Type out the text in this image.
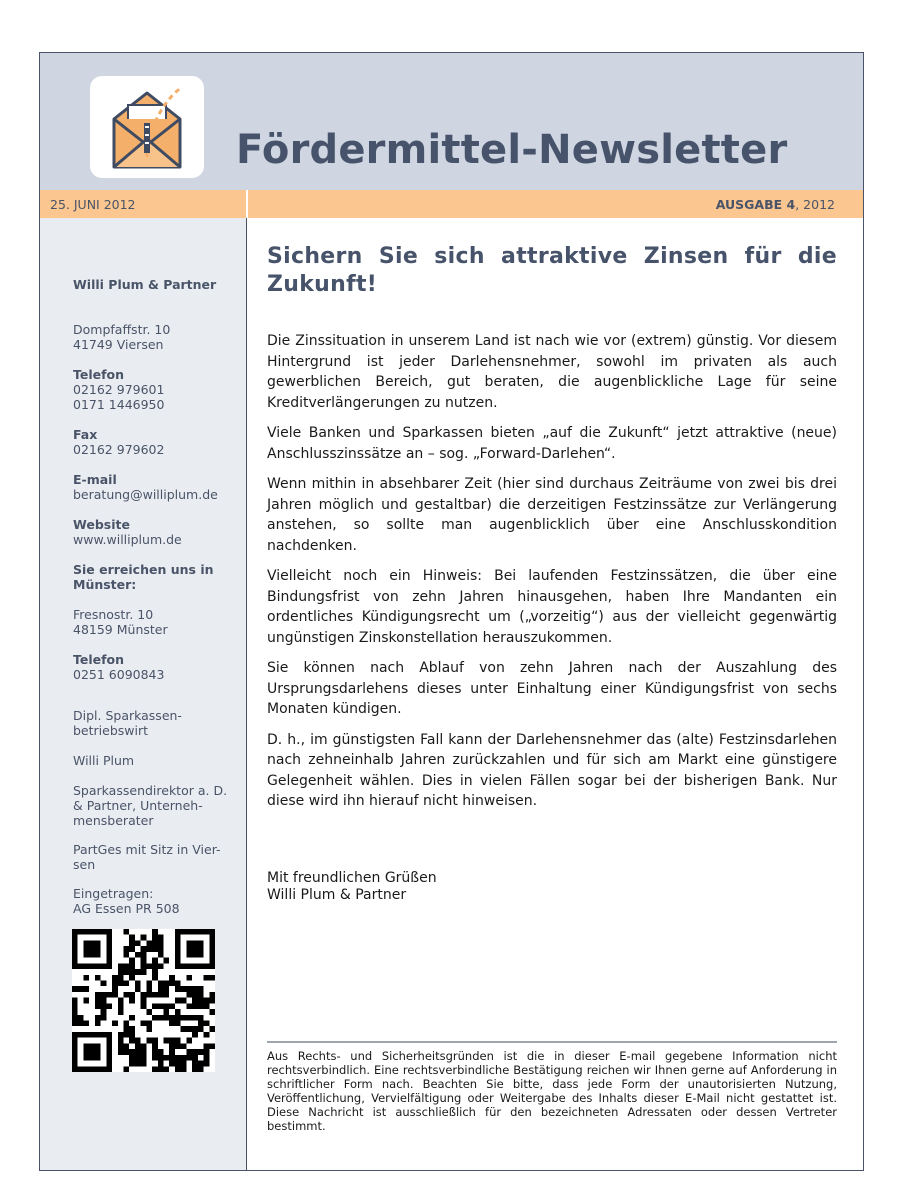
Fördermittel-Newsletter
25. JUNI 2012	AUSGABE 4, 2012
Willi Plum & Partner
Dompfaffstr. 10
41749 Viersen
Telefon
02162 979601
0171 1446950
Fax
02162 979602
E-mail
beratung@williplum.de
Website
www.williplum.de
Sie erreichen uns in Münster:
Fresnostr. 10
48159 Münster
Telefon
0251 6090843
Dipl. Sparkassen-
betriebswirt
Willi Plum
Sparkassendirektor a. D.
& Partner, Unterneh-
mensberater
PartGes mit Sitz in Vier-
sen
Eingetragen:
AG Essen PR 508
Sichern Sie sich attraktive Zinsen für die Zukunft!

Die Zinssituation in unserem Land ist nach wie vor (extrem) günstig. Vor diesem Hintergrund ist jeder Darlehensnehmer, sowohl im privaten als auch gewerblichen Bereich, gut beraten, die augenblickliche Lage für seine Kreditverlängerungen zu nutzen.

Viele Banken und Sparkassen bieten „auf die Zukunft“ jetzt attraktive (neue) Anschlusszinssätze an – sog. „Forward-Darlehen“.

Wenn mithin in absehbarer Zeit (hier sind durchaus Zeiträume von zwei bis drei Jahren möglich und gestaltbar) die derzeitigen Festzinssätze zur Verlängerung anstehen, so sollte man augenblicklich über eine Anschlusskondition nachdenken.

Vielleicht noch ein Hinweis: Bei laufenden Festzinssätzen, die über eine Bindungsfrist von zehn Jahren hinausgehen, haben Ihre Mandanten ein ordentliches Kündigungsrecht um („vorzeitig“) aus der vielleicht gegenwärtig ungünstigen Zinskonstellation herauszukommen.

Sie können nach Ablauf von zehn Jahren nach der Auszahlung des Ursprungsdarlehens dieses unter Einhaltung einer Kündigungsfrist von sechs Monaten kündigen.

D. h., im günstigsten Fall kann der Darlehensnehmer das (alte) Festzinsdarlehen nach zehneinhalb Jahren zurückzahlen und für sich am Markt eine günstigere Gelegenheit wählen. Dies in vielen Fällen sogar bei der bisherigen Bank. Nur diese wird ihn hierauf nicht hinweisen.

Mit freundlichen Grüßen
Willi Plum & Partner

Aus Rechts- und Sicherheitsgründen ist die in dieser E-mail gegebene Information nicht rechtsverbindlich. Eine rechtsverbindliche Bestätigung reichen wir Ihnen gerne auf Anforderung in schriftlicher Form nach. Beachten Sie bitte, dass jede Form der unautorisierten Nutzung, Veröffentlichung, Vervielfältigung oder Weitergabe des Inhalts dieser E-Mail nicht gestattet ist. Diese Nachricht ist ausschließlich für den bezeichneten Adressaten oder dessen Vertreter bestimmt.
